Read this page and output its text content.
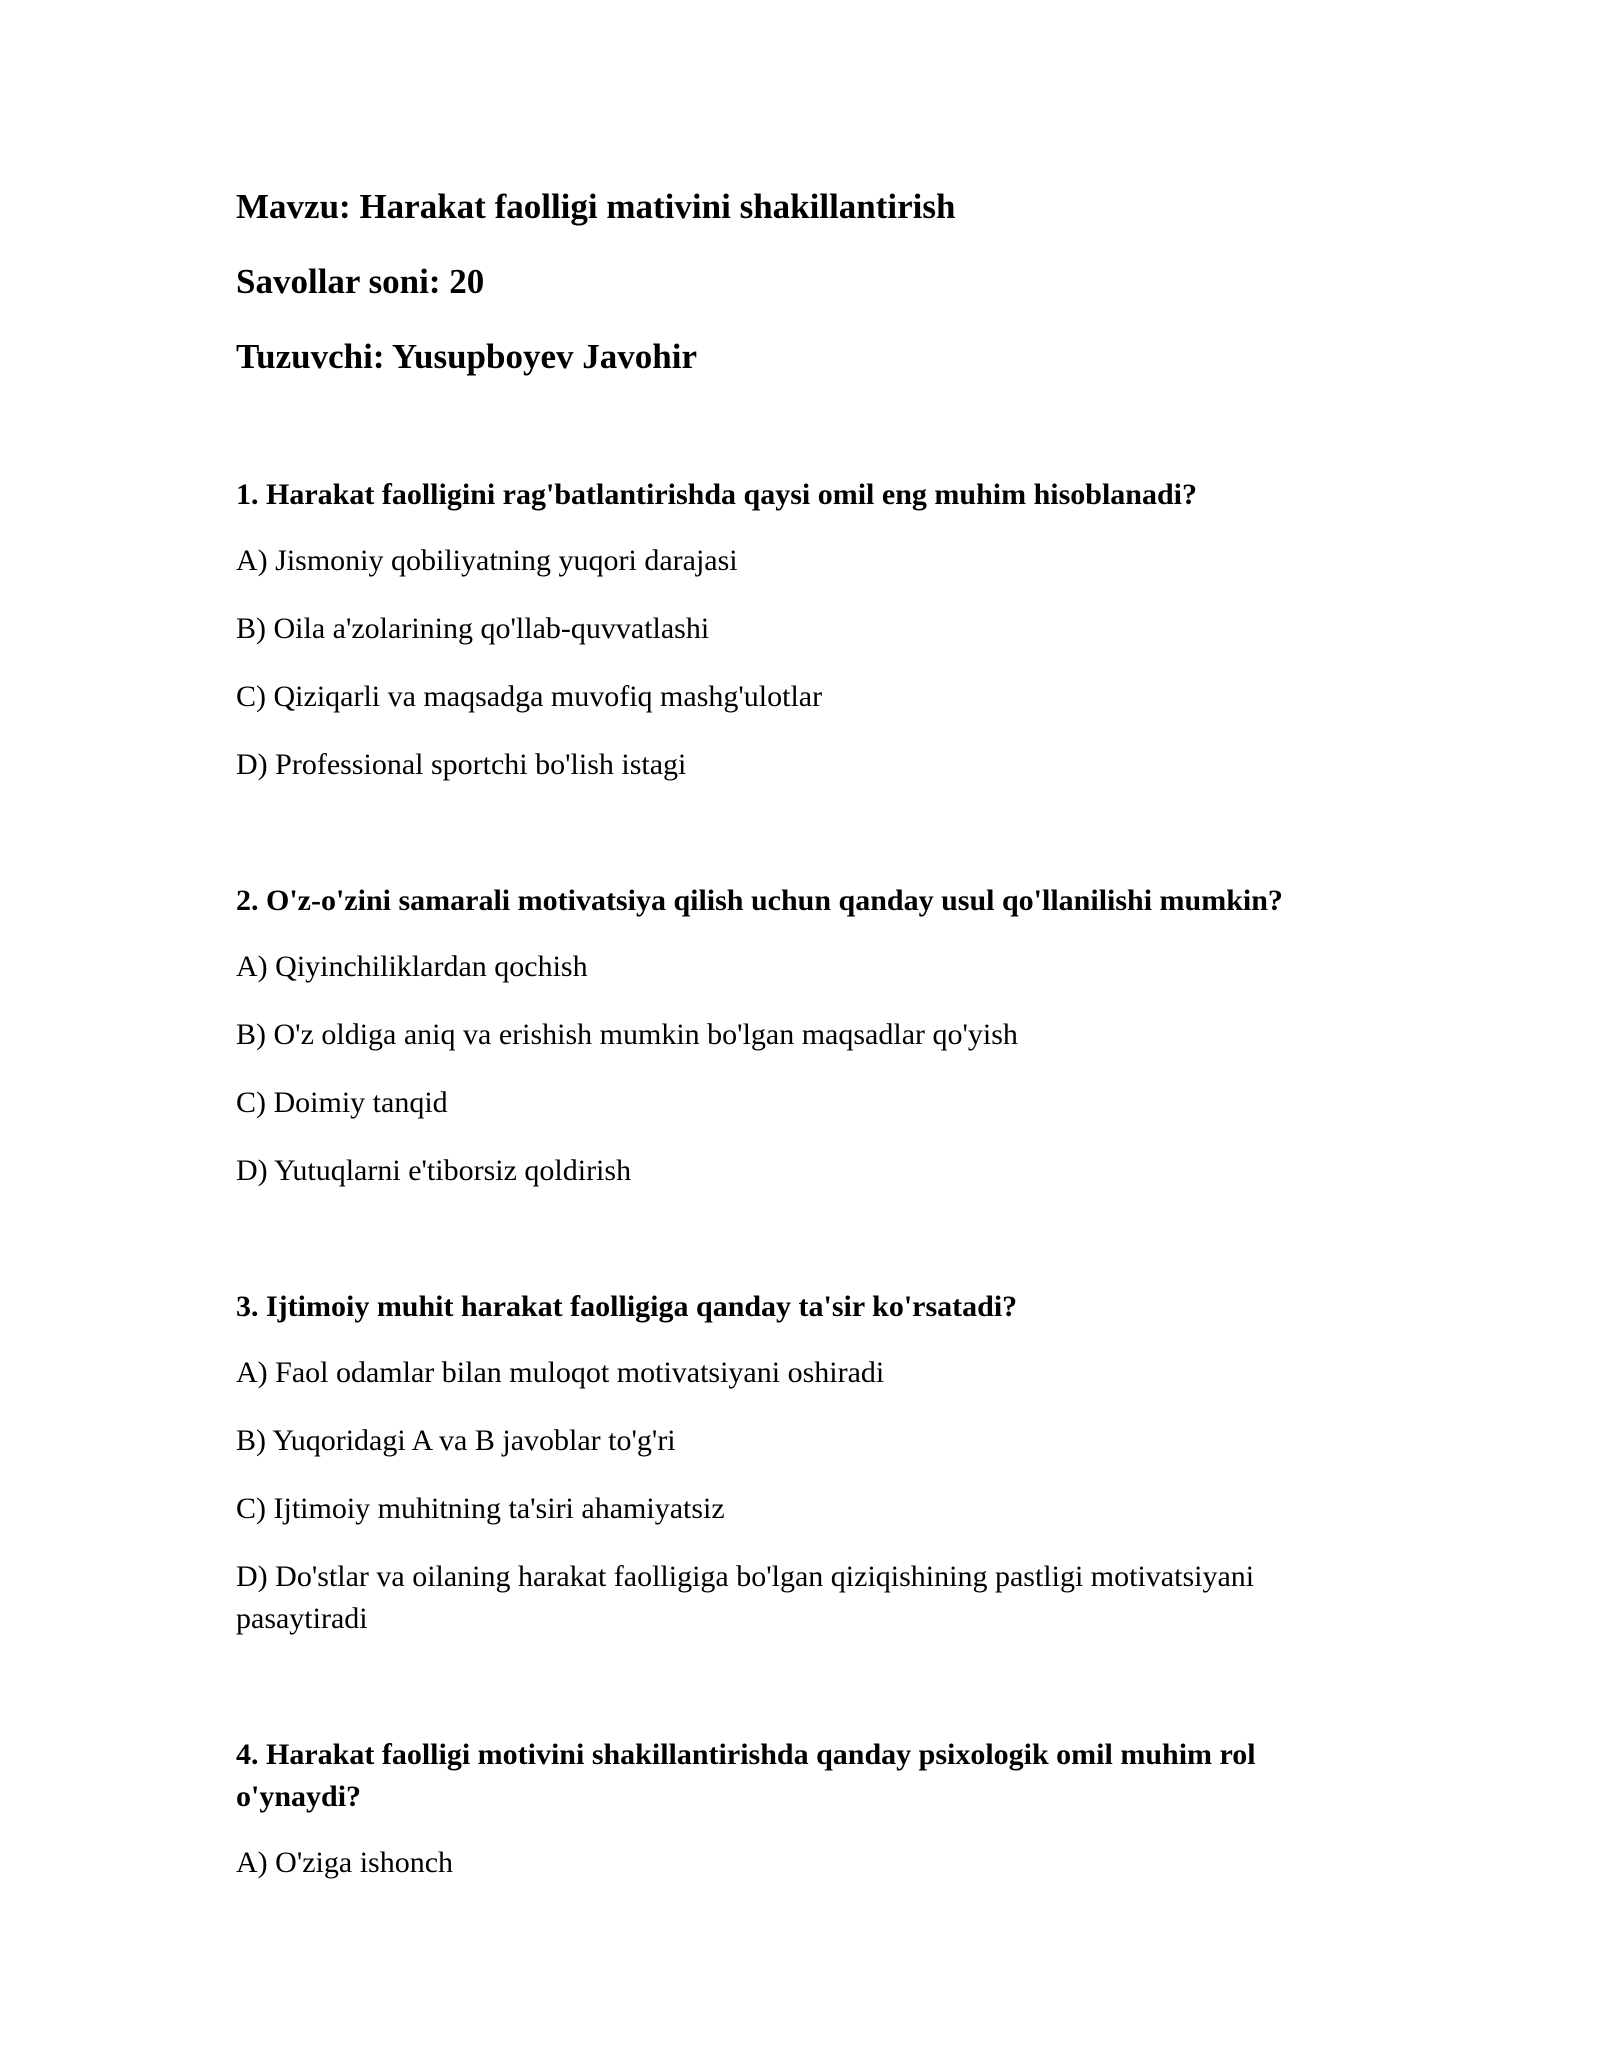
Mavzu: Harakat faolligi mativini shakillantirish
Savollar soni: 20
Tuzuvchi: Yusupboyev Javohir
1. Harakat faolligini rag'batlantirishda qaysi omil eng muhim hisoblanadi?
A) Jismoniy qobiliyatning yuqori darajasi
B) Oila a'zolarining qo'llab-quvvatlashi
C) Qiziqarli va maqsadga muvofiq mashg'ulotlar
D) Professional sportchi bo'lish istagi
2. O'z-o'zini samarali motivatsiya qilish uchun qanday usul qo'llanilishi mumkin?
A) Qiyinchiliklardan qochish
B) O'z oldiga aniq va erishish mumkin bo'lgan maqsadlar qo'yish
C) Doimiy tanqid
D) Yutuqlarni e'tiborsiz qoldirish
3. Ijtimoiy muhit harakat faolligiga qanday ta'sir ko'rsatadi?
A) Faol odamlar bilan muloqot motivatsiyani oshiradi
B) Yuqoridagi A va B javoblar to'g'ri
C) Ijtimoiy muhitning ta'siri ahamiyatsiz
D) Do'stlar va oilaning harakat faolligiga bo'lgan qiziqishining pastligi motivatsiyani pasaytiradi
4. Harakat faolligi motivini shakillantirishda qanday psixologik omil muhim rol o'ynaydi?
A) O'ziga ishonch
